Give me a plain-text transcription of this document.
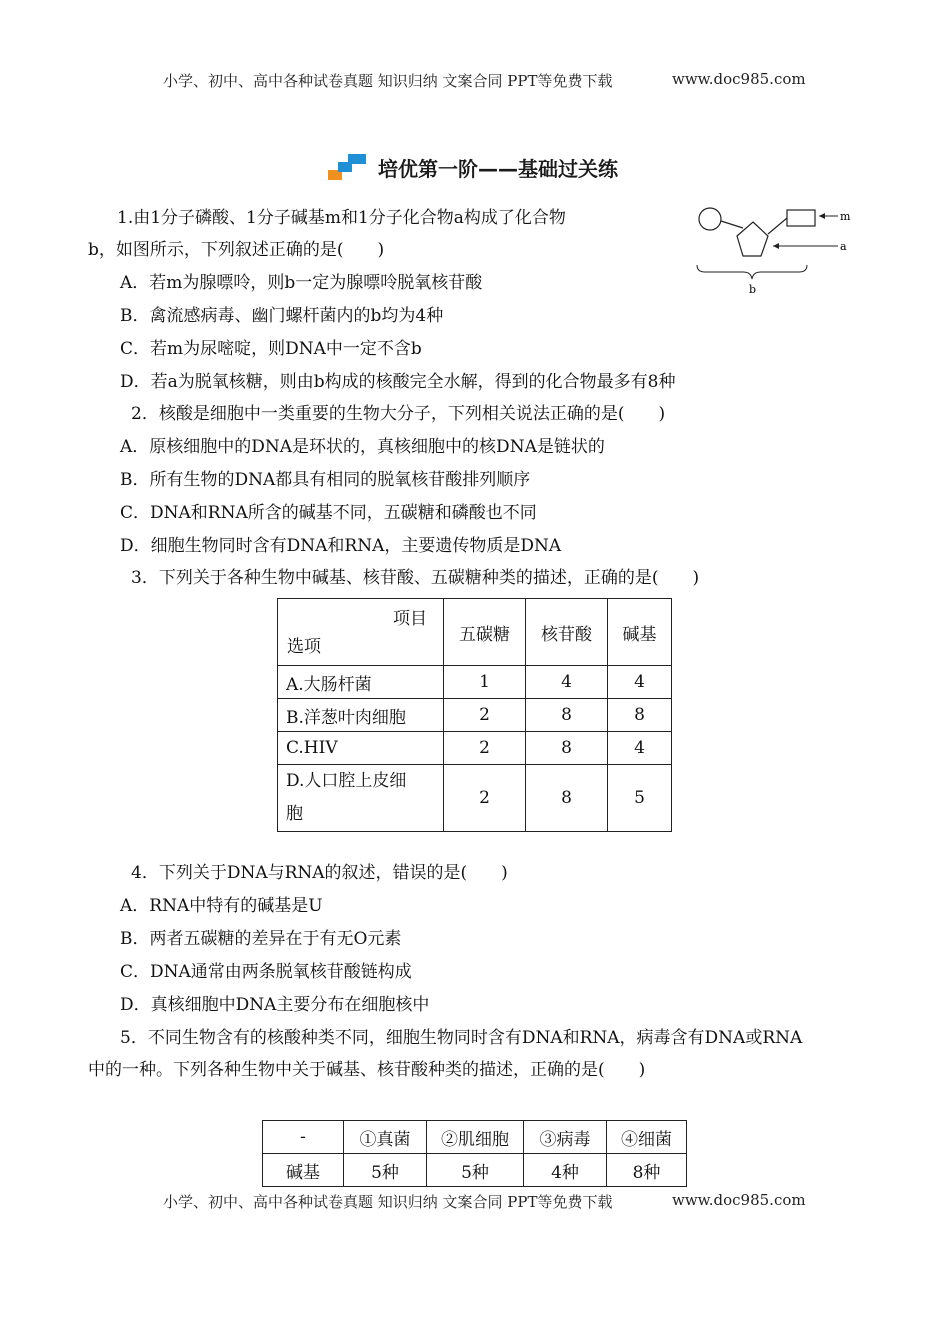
小学、初中、高中各种试卷真题 知识归纳 文案合同 PPT等免费下载	www.doc985.com
培优第一阶——基础过关练
1.由1分子磷酸、1分子碱基m和1分子化合物a构成了化合物
b，如图所示，下列叙述正确的是(　　)
m
a
b
A．若m为腺嘌呤，则b一定为腺嘌呤脱氧核苷酸
B．禽流感病毒、幽门螺杆菌内的b均为4种
C．若m为尿嘧啶，则DNA中一定不含b
D．若a为脱氧核糖，则由b构成的核酸完全水解，得到的化合物最多有8种
2．核酸是细胞中一类重要的生物大分子，下列相关说法正确的是(　　)
A．原核细胞中的DNA是环状的，真核细胞中的核DNA是链状的
B．所有生物的DNA都具有相同的脱氧核苷酸排列顺序
C．DNA和RNA所含的碱基不同，五碳糖和磷酸也不同
D．细胞生物同时含有DNA和RNA，主要遗传物质是DNA
3．下列关于各种生物中碱基、核苷酸、五碳糖种类的描述，正确的是(　　)
项目
选项	五碳糖	核苷酸	碱基
A.大肠杆菌	1	4	4
B.洋葱叶肉细胞	2	8	8
C.HIV	2	8	4

D.人口腔上皮细
胞	2	8	5
4．下列关于DNA与RNA的叙述，错误的是(　　)
A．RNA中特有的碱基是U
B．两者五碳糖的差异在于有无O元素
C．DNA通常由两条脱氧核苷酸链构成
D．真核细胞中DNA主要分布在细胞核中
5．不同生物含有的核酸种类不同，细胞生物同时含有DNA和RNA，病毒含有DNA或RNA
中的一种。下列各种生物中关于碱基、核苷酸种类的描述，正确的是(　　)
-	①真菌	②肌细胞	③病毒	④细菌
碱基	5种	5种	4种	8种
小学、初中、高中各种试卷真题 知识归纳 文案合同 PPT等免费下载	www.doc985.com
